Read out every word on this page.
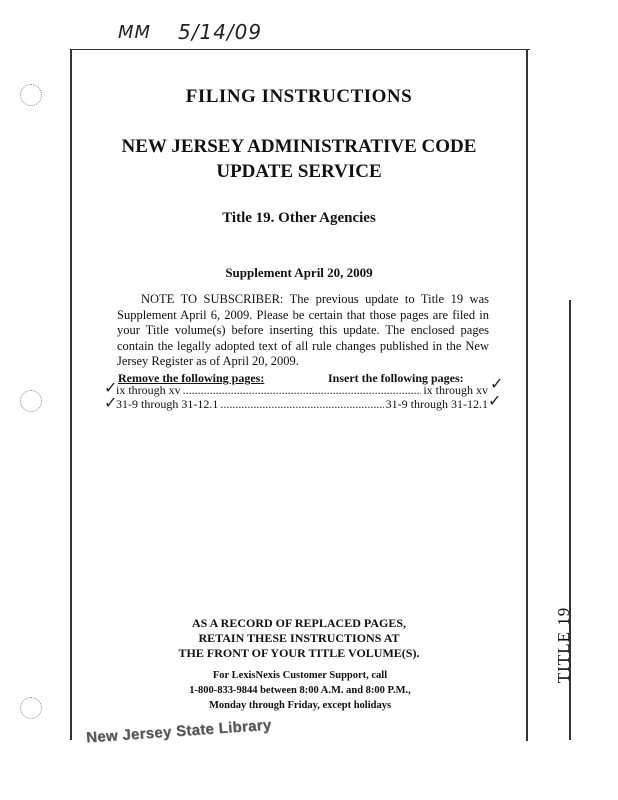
MM 5/14/09
TITLE 19
FILING INSTRUCTIONS
NEW JERSEY ADMINISTRATIVE CODE
UPDATE SERVICE
Title 19. Other Agencies
Supplement April 20, 2009
NOTE TO SUBSCRIBER: The previous update to Title 19 was Supplement April 6, 2009. Please be certain that those pages are filed in your Title volume(s) before inserting this update. The enclosed pages contain the legally adopted text of all rule changes published in the New Jersey Register as of April 20, 2009.
Remove the following pages:	Insert the following pages:
ix through xv .....	ix through xv
31-9 through 31-12.1 .....	31-9 through 31-12.1
✓
✓
✓
✓
AS A RECORD OF REPLACED PAGES,
RETAIN THESE INSTRUCTIONS AT
THE FRONT OF YOUR TITLE VOLUME(S).
For LexisNexis Customer Support, call
1-800-833-9844 between 8:00 A.M. and 8:00 P.M.,
Monday through Friday, except holidays
New Jersey State Library
